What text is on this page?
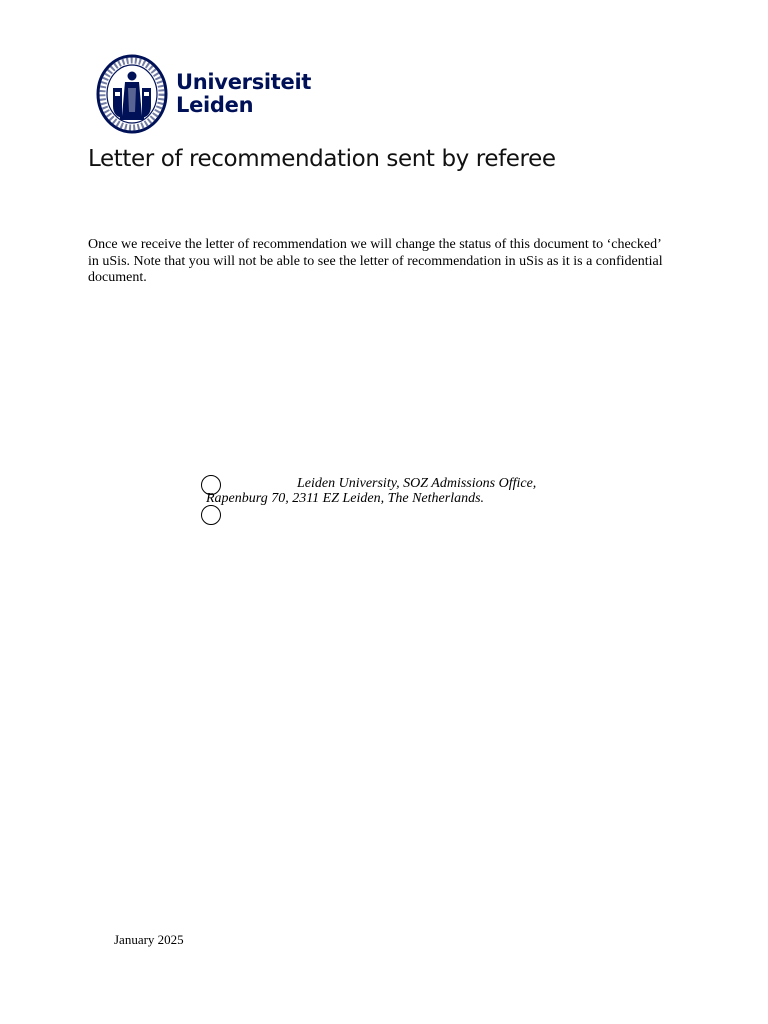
Universiteit
Leiden
Letter of recommendation sent by referee

Once we receive the letter of recommendation we will change the status of this document to ‘checked’ in uSis. Note that you will not be able to see the letter of recommendation in uSis as it is a confidential document.

Leiden University, SOZ Admissions Office,
Rapenburg 70, 2311 EZ Leiden, The Netherlands.
January 2025
